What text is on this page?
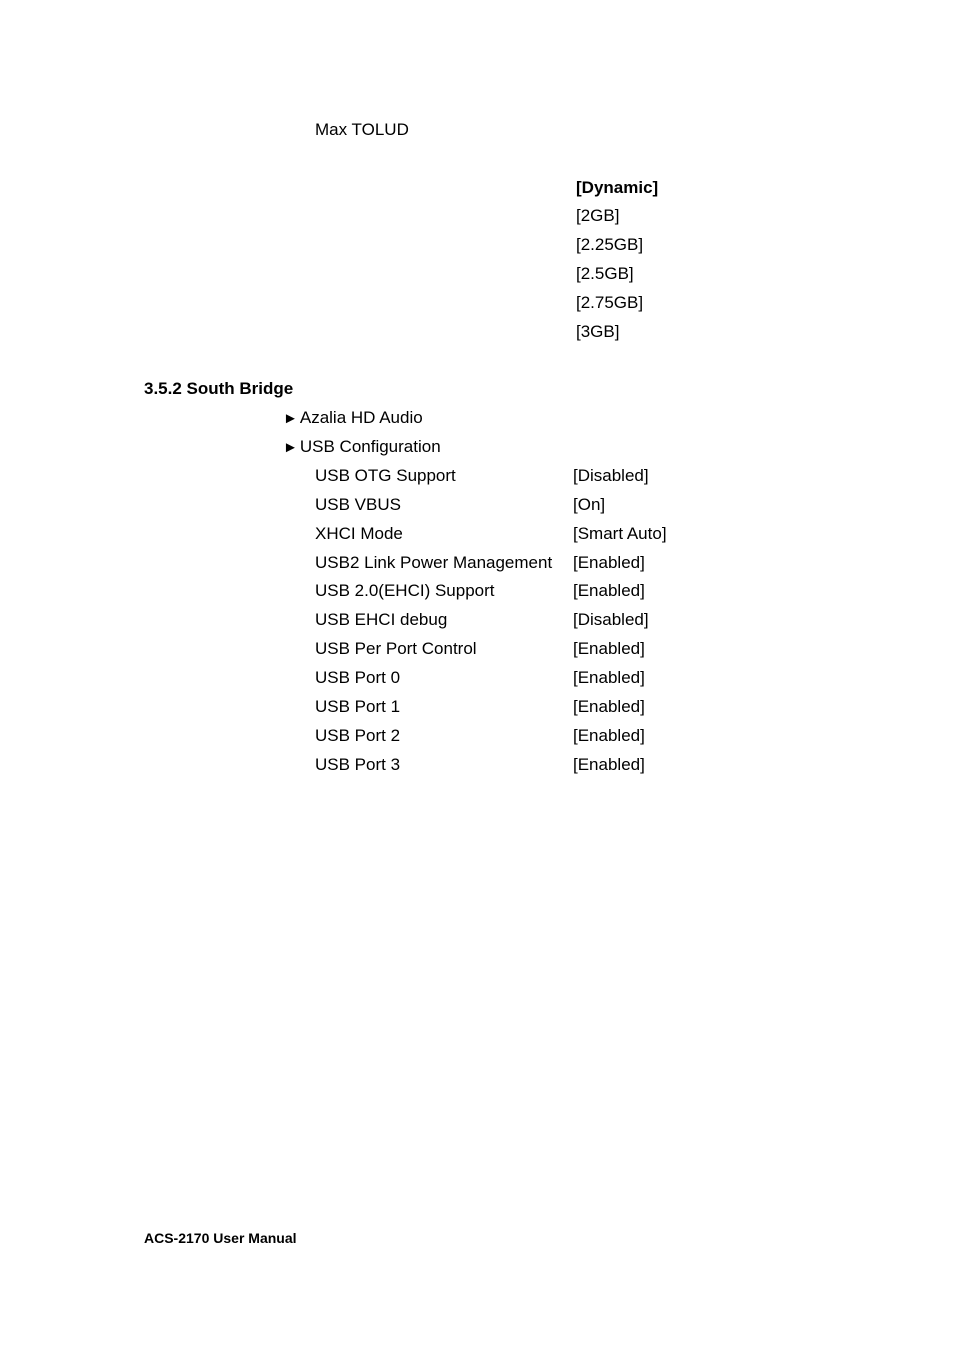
Max TOLUD
[Dynamic]
[2GB]
[2.25GB]
[2.5GB]
[2.75GB]
[3GB]
3.5.2 South Bridge
► Azalia HD Audio
► USB Configuration
USB OTG Support	[Disabled]
USB VBUS	[On]
XHCI Mode	[Smart Auto]
USB2 Link Power Management [Enabled]
USB 2.0(EHCI) Support	[Enabled]
USB EHCI debug	[Disabled]
USB Per Port Control	[Enabled]
USB Port 0	[Enabled]
USB Port 1	[Enabled]
USB Port 2	[Enabled]
USB Port 3	[Enabled]
ACS-2170 User Manual
